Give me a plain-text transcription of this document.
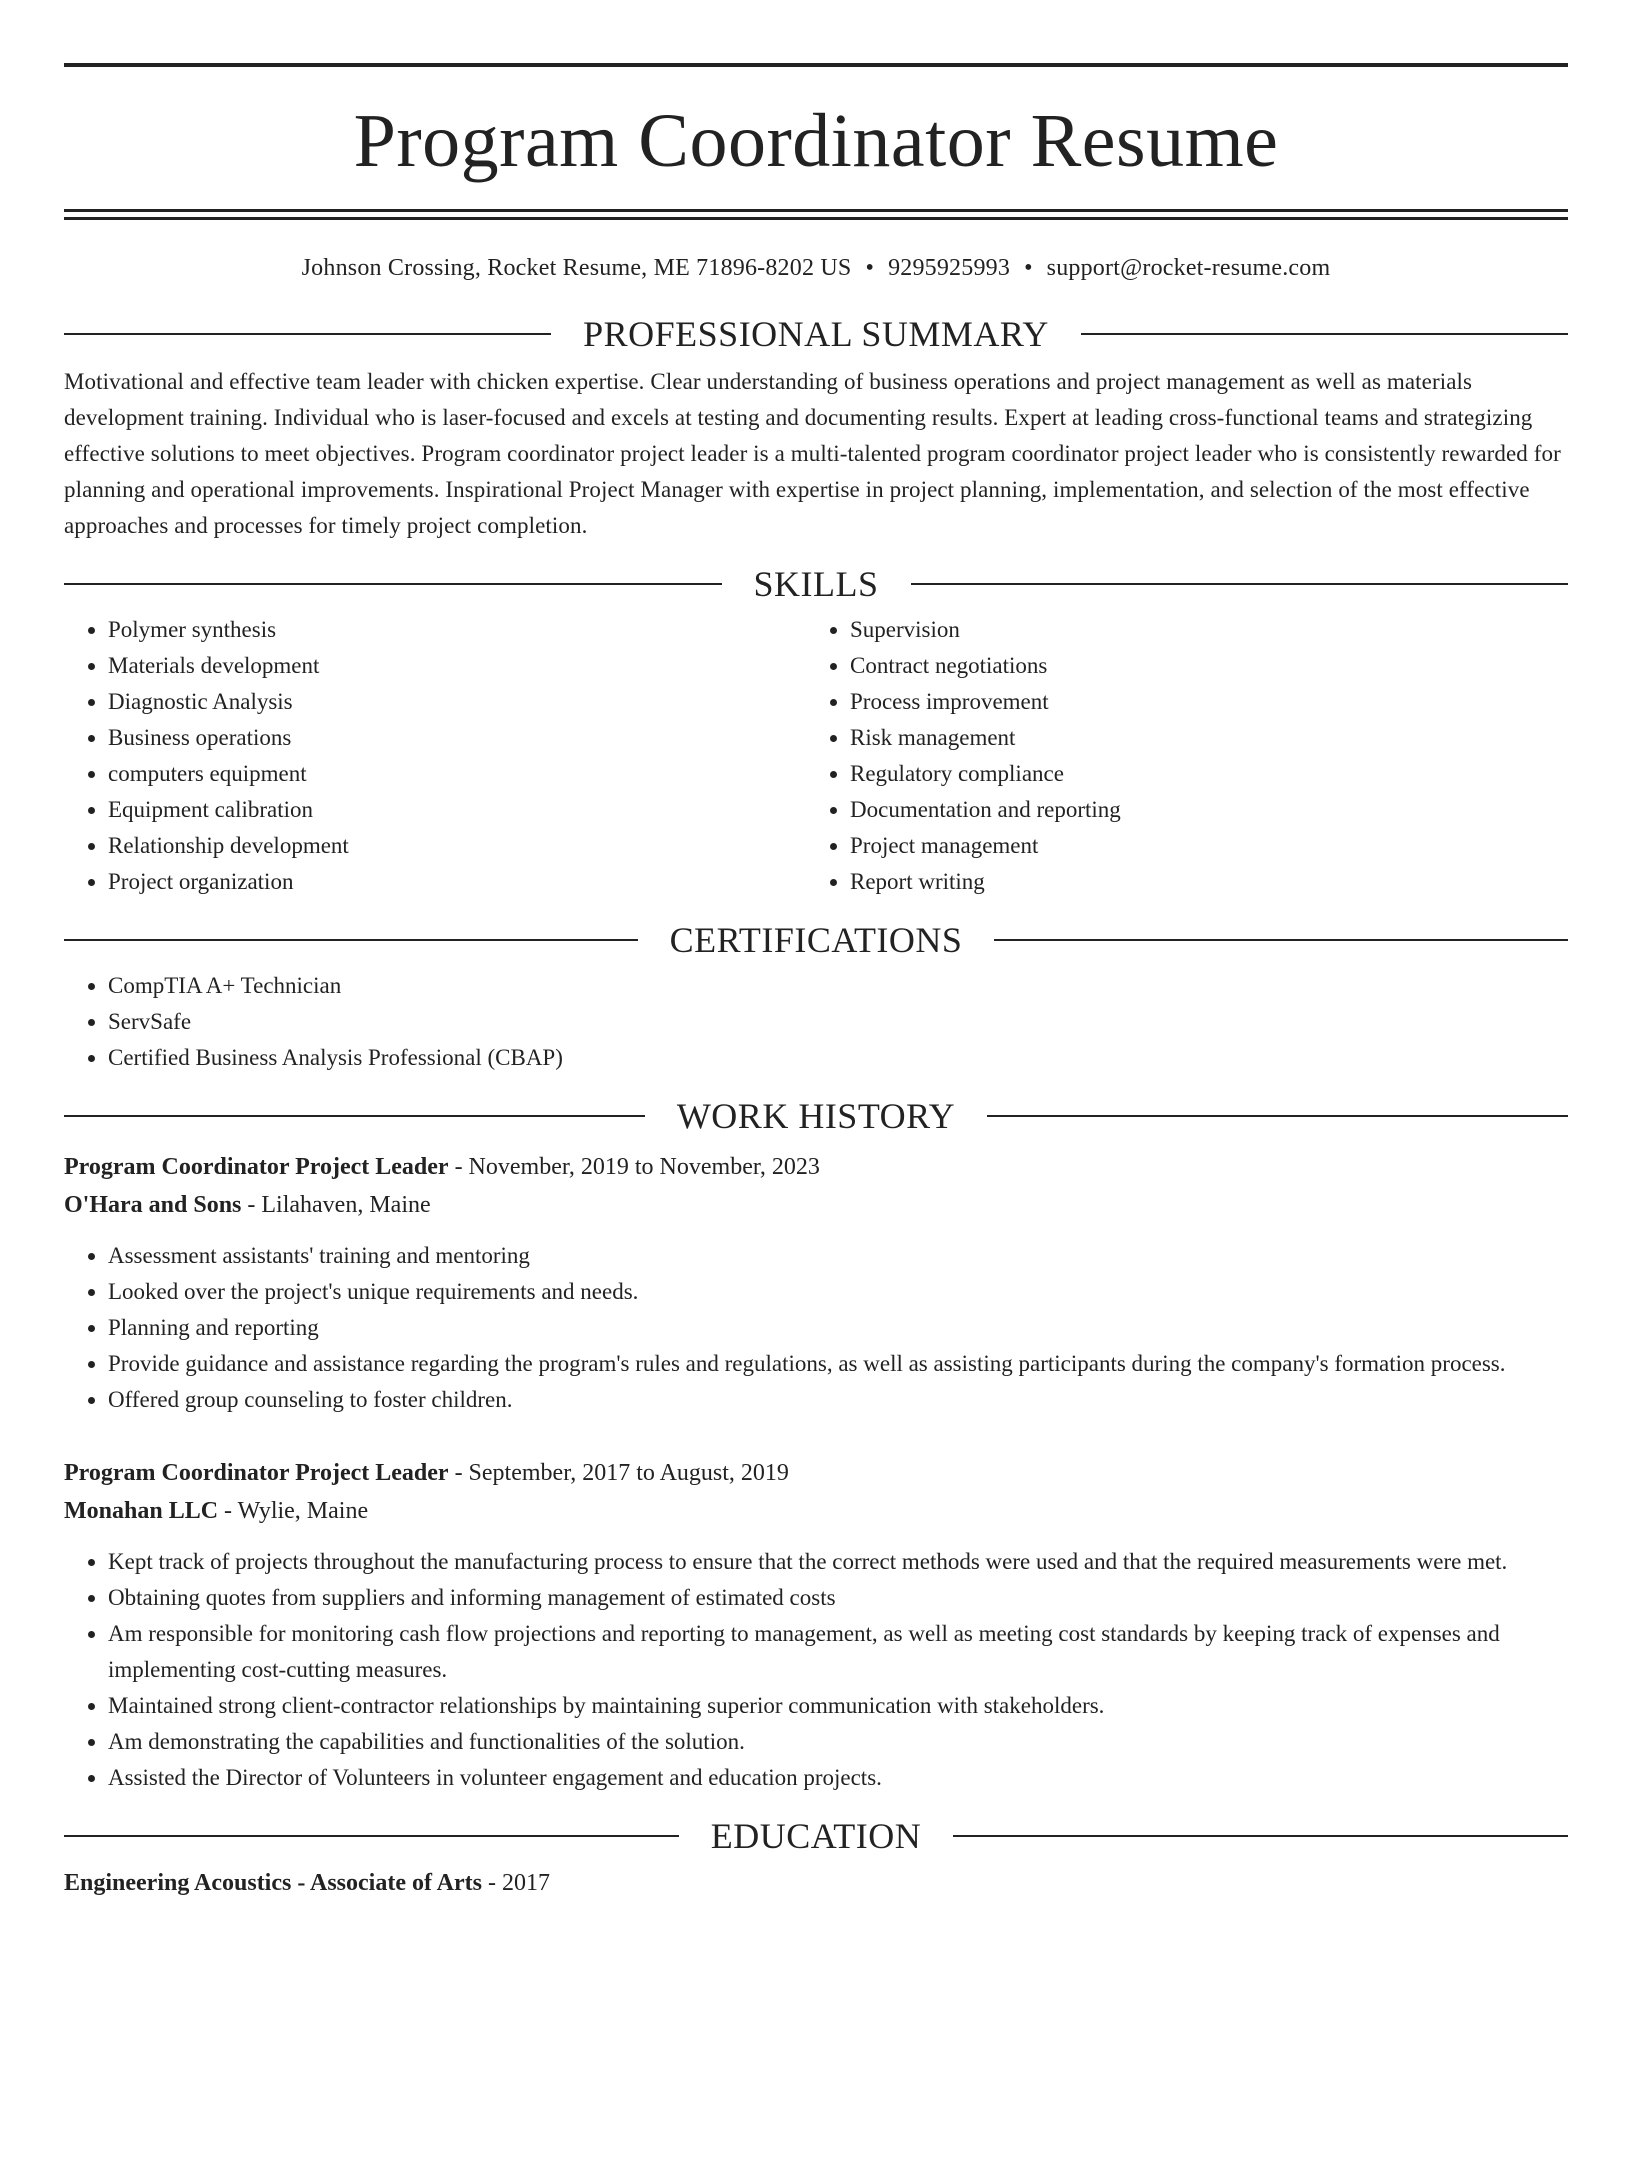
Program Coordinator Resume
Johnson Crossing, Rocket Resume, ME 71896-8202 US • 9295925993 • support@rocket-resume.com
PROFESSIONAL SUMMARY

Motivational and effective team leader with chicken expertise. Clear understanding of business operations and project management as well as materials development training. Individual who is laser-focused and excels at testing and documenting results. Expert at leading cross-functional teams and strategizing effective solutions to meet objectives. Program coordinator project leader is a multi-talented program coordinator project leader who is consistently rewarded for planning and operational improvements. Inspirational Project Manager with expertise in project planning, implementation, and selection of the most effective approaches and processes for timely project completion.

SKILLS
• Polymer synthesis
• Materials development
• Diagnostic Analysis
• Business operations
• computers equipment
• Equipment calibration
• Relationship development
• Project organization
• Supervision
• Contract negotiations
• Process improvement
• Risk management
• Regulatory compliance
• Documentation and reporting
• Project management
• Report writing
CERTIFICATIONS
• CompTIA A+ Technician
• ServSafe
• Certified Business Analysis Professional (CBAP)
WORK HISTORY
Program Coordinator Project Leader - November, 2019 to November, 2023
O'Hara and Sons - Lilahaven, Maine
• Assessment assistants' training and mentoring
• Looked over the project's unique requirements and needs.
• Planning and reporting
• Provide guidance and assistance regarding the program's rules and regulations, as well as assisting participants during the company's formation process.
• Offered group counseling to foster children.
Program Coordinator Project Leader - September, 2017 to August, 2019
Monahan LLC - Wylie, Maine
• Kept track of projects throughout the manufacturing process to ensure that the correct methods were used and that the required measurements were met.
• Obtaining quotes from suppliers and informing management of estimated costs
• Am responsible for monitoring cash flow projections and reporting to management, as well as meeting cost standards by keeping track of expenses and implementing cost-cutting measures.
• Maintained strong client-contractor relationships by maintaining superior communication with stakeholders.
• Am demonstrating the capabilities and functionalities of the solution.
• Assisted the Director of Volunteers in volunteer engagement and education projects.
EDUCATION
Engineering Acoustics - Associate of Arts - 2017
